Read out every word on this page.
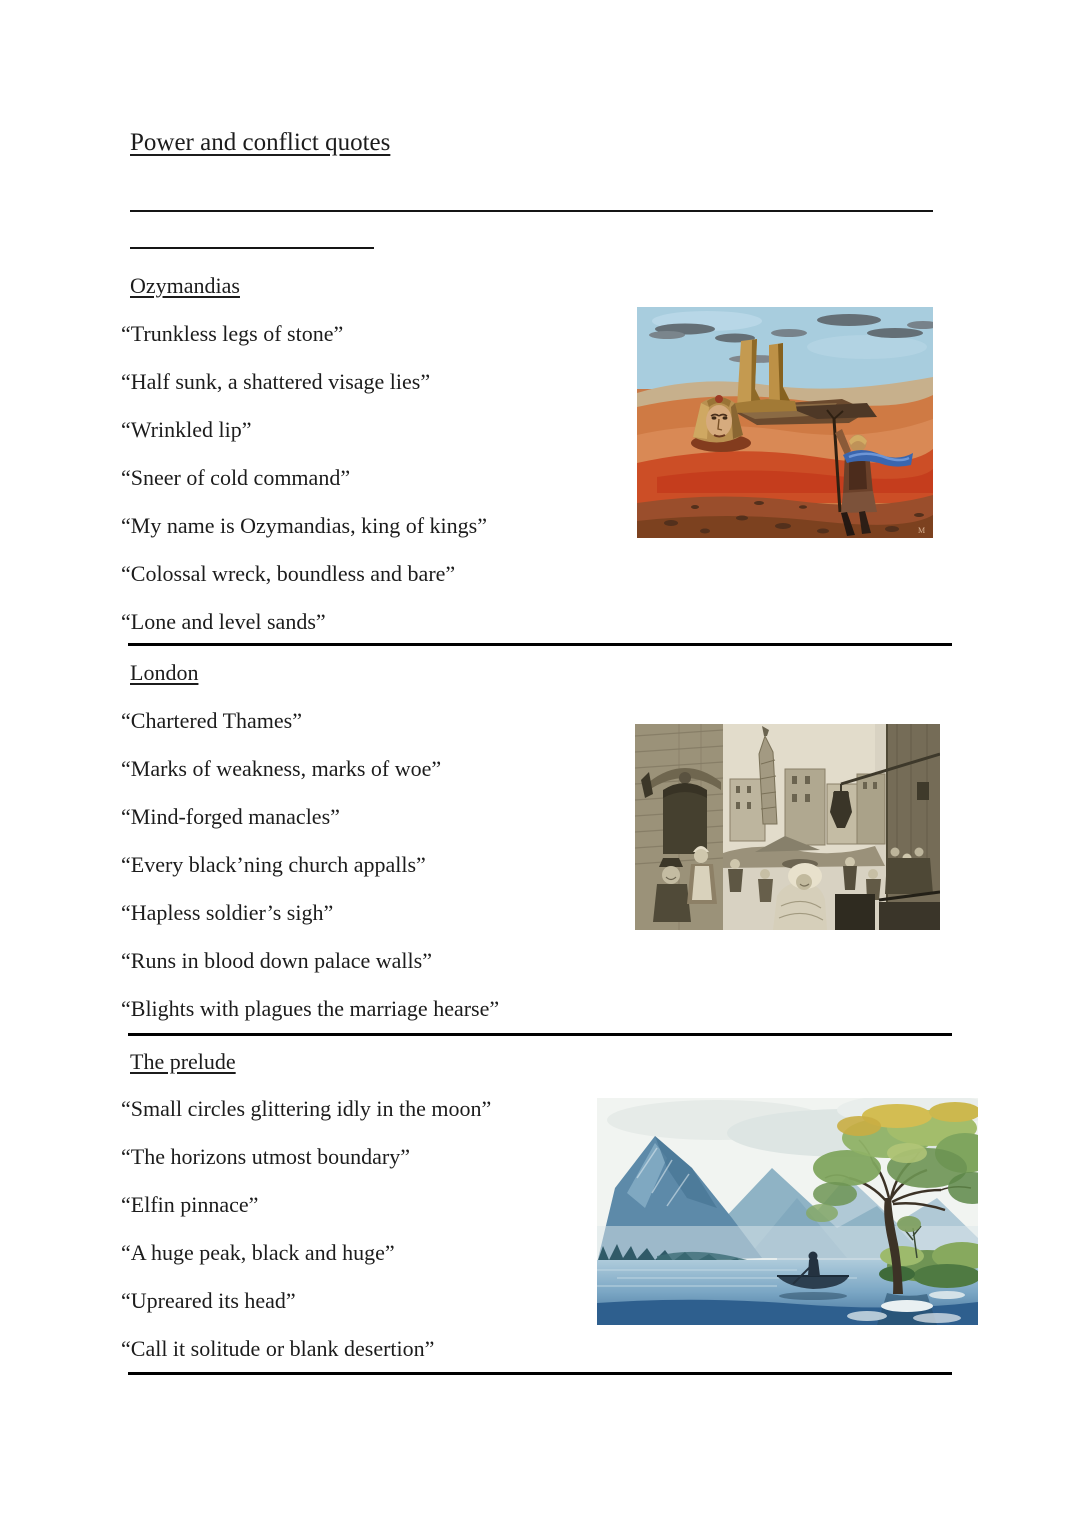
Power and conflict quotes
Ozymandias

“Trunkless legs of stone”

“Half sunk, a shattered visage lies”

“Wrinkled lip”

“Sneer of cold command”

“My name is Ozymandias, king of kings”

“Colossal wreck, boundless and bare”

“Lone and level sands”

M
London

“Chartered Thames”

“Marks of weakness, marks of woe”

“Mind-forged manacles”

“Every black’ning church appalls”

“Hapless soldier’s sigh”

“Runs in blood down palace walls”

“Blights with plagues the marriage hearse”

The prelude

“Small circles glittering idly in the moon”

“The horizons utmost boundary”

“Elfin pinnace”

“A huge peak, black and huge”

“Upreared its head”

“Call it solitude or blank desertion”
